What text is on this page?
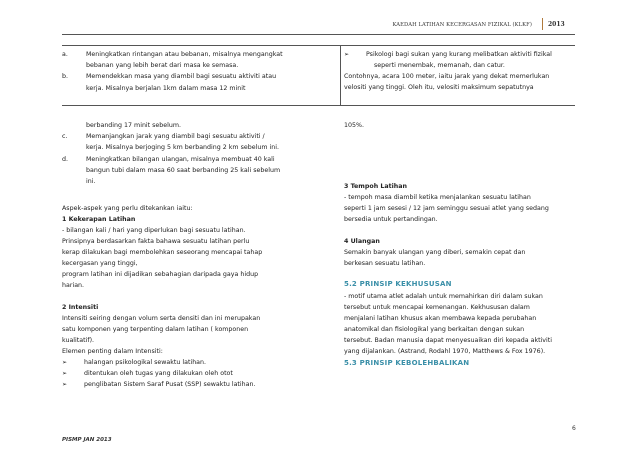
KAEDAH LATIHAN KECERGASAN FIZIKAL (KLKF)	2013
a.	Meningkatkan rintangan atau bebanan, misalnya mengangkat
bebanan yang lebih berat dari masa ke semasa.
b.	Memendekkan masa yang diambil bagi sesuatu aktiviti atau
kerja. Misalnya berjalan 1km dalam masa 12 minit
➢	Psikologi bagi sukan yang kurang melibatkan aktiviti fizikal
seperti menembak, memanah, dan catur.
Contohnya, acara 100 meter, iaitu jarak yang dekat memerlukan
velositi yang tinggi. Oleh itu, velositi maksimum sepatutnya
berbanding 17 minit sebelum.
c.	Memanjangkan jarak yang diambil bagi sesuatu aktiviti /
kerja. Misalnya berjoging 5 km berbanding 2 km sebelum ini.
d.	Meningkatkan bilangan ulangan, misalnya membuat 40 kali
bangun tubi dalam masa 60 saat berbanding 25 kali sebelum
ini.
105%.
Aspek-aspek yang perlu ditekankan iaitu:
1 Kekerapan Latihan
- bilangan kali / hari yang diperlukan bagi sesuatu latihan.
Prinsipnya berdasarkan fakta bahawa sesuatu latihan perlu
kerap dilakukan bagi membolehkan seseorang mencapai tahap
kecergasan yang tinggi,
program latihan ini dijadikan sebahagian daripada gaya hidup
harian.
2 Intensiti
Intensiti seiring dengan volum serta densiti dan ini merupakan
satu komponen yang terpenting dalam latihan ( komponen
kualitatif).
Elemen penting dalam Intensiti:
➢	halangan psikologikal sewaktu latihan.
➢	ditentukan oleh tugas yang dilakukan oleh otot
➢	penglibatan Sistem Saraf Pusat (SSP) sewaktu latihan.
3 Tempoh Latihan
- tempoh masa diambil ketika menjalankan sesuatu latihan
seperti 1 jam sesesi / 12 jam seminggu sesuai atlet yang sedang
bersedia untuk pertandingan.
4 Ulangan
Semakin banyak ulangan yang diberi, semakin cepat dan
berkesan sesuatu latihan.
5.2 PRINSIP KEKHUSUSAN
- motif utama atlet adalah untuk memahirkan diri dalam sukan
tersebut untuk mencapai kemenangan. Kekhususan dalam
menjalani latihan khusus akan membawa kepada perubahan
anatomikal dan fisiologikal yang berkaitan dengan sukan
tersebut. Badan manusia dapat menyesuaikan diri kepada aktiviti
yang dijalankan. (Astrand, Rodahl 1970, Matthews & Fox 1976).
5.3 PRINSIP KEBOLEHBALIKAN
6
PISMP JAN 2013
